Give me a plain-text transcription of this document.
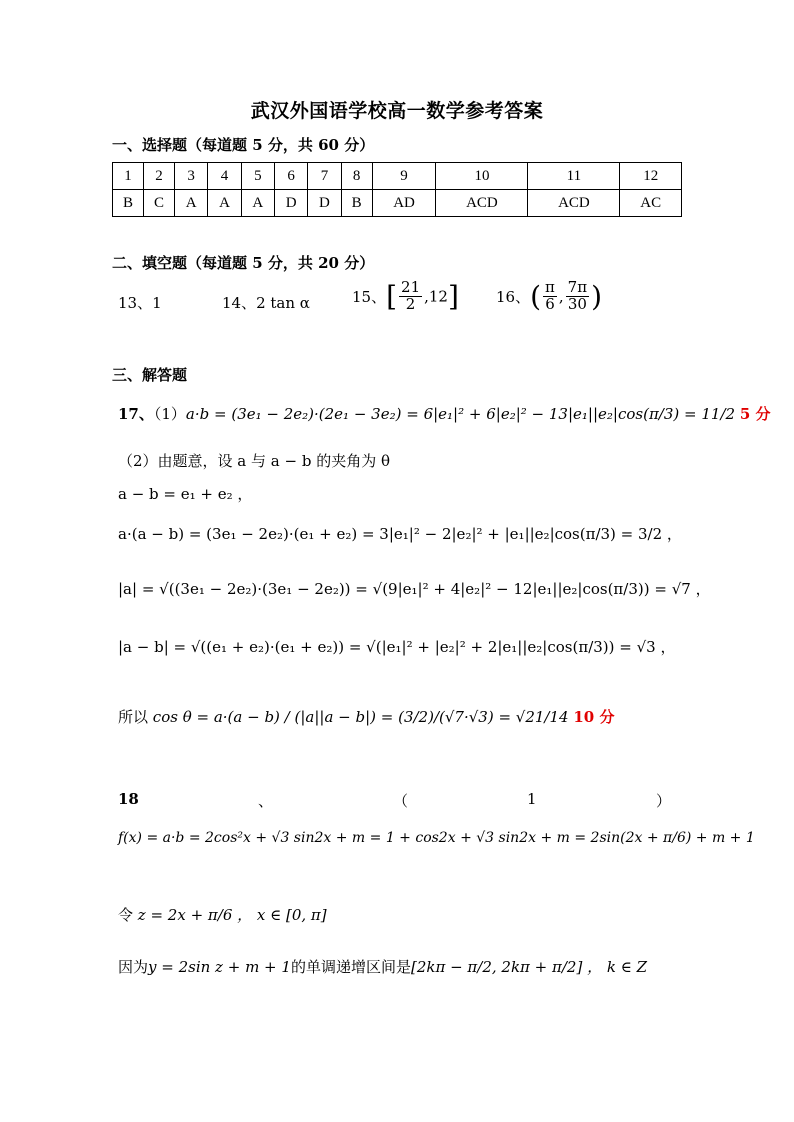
武汉外国语学校高一数学参考答案
一、选择题（每道题 5 分，共 60 分）
1	2	3	4	5	6	7	8	9	10	11	12
B	C	A	A	A	D	D	B	AD	ACD	ACD	AC
二、填空题（每道题 5 分，共 20 分）
13、1	14、2 tan α	15、[ $\frac{21}{2} ,12$] 16、( $\frac{\pi}{6}$ , $\frac{7\pi}{30}$ )
三、解答题
17、（1）a·b = (3e₁ − 2e₂)·(2e₁ − 3e₂) = 6|e₁|² + 6|e₂|² − 13|e₁||e₂|cos(π/3) = 11/2 5 分
（2）由题意，设 a 与 a − b 的夹角为 θ
a − b = e₁ + e₂ ，
a·(a − b) = (3e₁ − 2e₂)·(e₁ + e₂) = 3|e₁|² − 2|e₂|² + |e₁||e₂|cos(π/3) = 3/2 ，
|a| = √((3e₁ − 2e₂)·(3e₁ − 2e₂)) = √(9|e₁|² + 4|e₂|² − 12|e₁||e₂|cos(π/3)) = √7 ，
|a − b| = √((e₁ + e₂)·(e₁ + e₂)) = √(|e₁|² + |e₂|² + 2|e₁||e₂|cos(π/3)) = √3 ，
所以 cos θ = a·(a − b) / (|a||a − b|) = (3/2)/(√7·√3) = √21/14 10 分
18	、	（	1	）
f(x) = a·b = 2cos²x + √3 sin2x + m = 1 + cos2x + √3 sin2x + m = 2sin(2x + π/6) + m + 1
令 z = 2x + π/6 ， x ∈ [0, π]
因为y = 2sin z + m + 1的单调递增区间是[2kπ − π/2, 2kπ + π/2] ， k ∈ Z
